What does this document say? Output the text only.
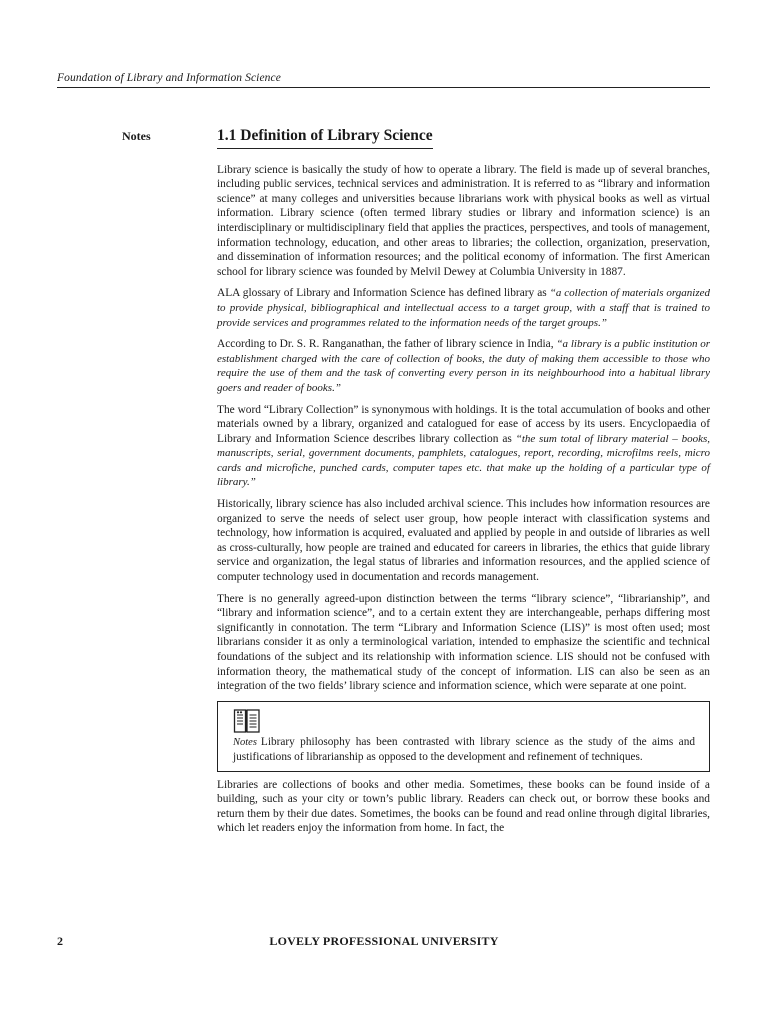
Foundation of Library and Information Science
Notes	1.1 Definition of Library Science

Library science is basically the study of how to operate a library. The field is made up of several branches, including public services, technical services and administration. It is referred to as “library and information science” at many colleges and universities because librarians work with physical books as well as virtual information. Library science (often termed library studies or library and information science) is an interdisciplinary or multidisciplinary field that applies the practices, perspectives, and tools of management, information technology, education, and other areas to libraries; the collection, organization, preservation, and dissemination of information resources; and the political economy of information. The first American school for library science was founded by Melvil Dewey at Columbia University in 1887.

ALA glossary of Library and Information Science has defined library as “a collection of materials organized to provide physical, bibliographical and intellectual access to a target group, with a staff that is trained to provide services and programmes related to the information needs of the target groups.”

According to Dr. S. R. Ranganathan, the father of library science in India, “a library is a public institution or establishment charged with the care of collection of books, the duty of making them accessible to those who require the use of them and the task of converting every person in its neighbourhood into a habitual library goers and reader of books.”

The word “Library Collection” is synonymous with holdings. It is the total accumulation of books and other materials owned by a library, organized and catalogued for ease of access by its users. Encyclopaedia of Library and Information Science describes library collection as “the sum total of library material – books, manuscripts, serial, government documents, pamphlets, catalogues, report, recording, microfilms reels, micro cards and microfiche, punched cards, computer tapes etc. that make up the holding of a particular type of library.”

Historically, library science has also included archival science. This includes how information resources are organized to serve the needs of select user group, how people interact with classification systems and technology, how information is acquired, evaluated and applied by people in and outside of libraries as well as cross-culturally, how people are trained and educated for careers in libraries, the ethics that guide library service and organization, the legal status of libraries and information resources, and the applied science of computer technology used in documentation and records management.

There is no generally agreed-upon distinction between the terms “library science”, “librarianship”, and “library and information science”, and to a certain extent they are interchangeable, perhaps differing most significantly in connotation. The term “Library and Information Science (LIS)” is most often used; most librarians consider it as only a terminological variation, intended to emphasize the scientific and technical foundations of the subject and its relationship with information science. LIS should not be confused with information theory, the mathematical study of the concept of information. LIS can also be seen as an integration of the two fields’ library science and information science, which were separate at one point.

Notes Library philosophy has been contrasted with library science as the study of the aims and justifications of librarianship as opposed to the development and refinement of techniques.

Libraries are collections of books and other media. Sometimes, these books can be found inside of a building, such as your city or town’s public library. Readers can check out, or borrow these books and return them by their due dates. Sometimes, the books can be found and read online through digital libraries, which let readers enjoy the information from home. In fact, the

2	LOVELY PROFESSIONAL UNIVERSITY
